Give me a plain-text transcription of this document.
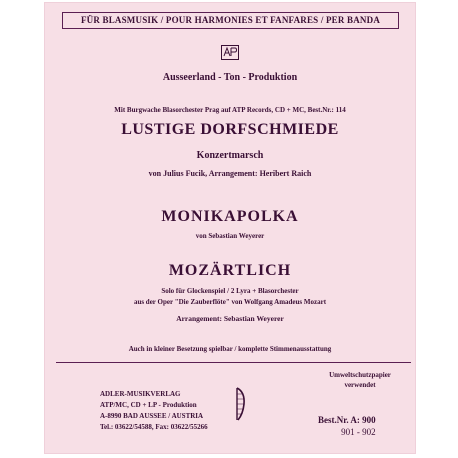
FÜR BLASMUSIK / POUR HARMONIES ET FANFARES / PER BANDA
Ausseerland - Ton - Produktion
Mit Burgwache Blasorchester Prag auf ATP Records, CD + MC, Best.Nr.: 114
LUSTIGE DORFSCHMIEDE
Konzertmarsch
von Julius Fucik, Arrangement: Heribert Raich
MONIKAPOLKA
von Sebastian Weyerer
MOZÄRTLICH
Solo für Glockenspiel / 2 Lyra + Blasorchester
aus der Oper "Die Zauberflöte" von Wolfgang Amadeus Mozart
Arrangement: Sebastian Weyerer
Auch in kleiner Besetzung spielbar / komplette Stimmenausstattung
Umweltschutzpapier
verwendet
ADLER-MUSIKVERLAG
ATP/MC, CD + LP - Produktion
A-8990 BAD AUSSEE / AUSTRIA
Tel.: 03622/54588, Fax: 03622/55266
Best.Nr. A: 900
901 - 902
